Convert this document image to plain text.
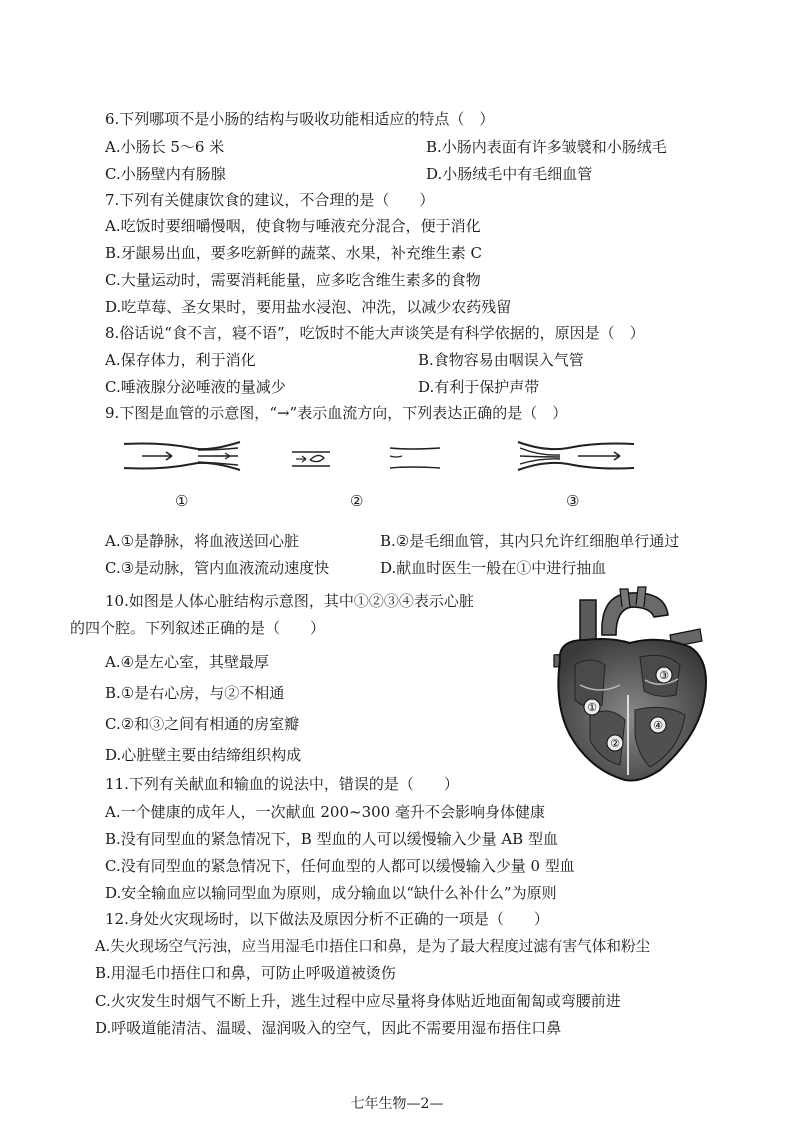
6.下列哪项不是小肠的结构与吸收功能相适应的特点（　）
A.小肠长 5～6 米	B.小肠内表面有许多皱襞和小肠绒毛
C.小肠壁内有肠腺	D.小肠绒毛中有毛细血管
7.下列有关健康饮食的建议，不合理的是（　　）
A.吃饭时要细嚼慢咽，使食物与唾液充分混合，便于消化
B.牙龈易出血，要多吃新鲜的蔬菜、水果，补充维生素 C
C.大量运动时，需要消耗能量，应多吃含维生素多的食物
D.吃草莓、圣女果时，要用盐水浸泡、冲洗，以减少农药残留
8.俗话说“食不言，寝不语”，吃饭时不能大声谈笑是有科学依据的，原因是（　）
A.保存体力，利于消化	B.食物容易由咽误入气管
C.唾液腺分泌唾液的量减少	D.有利于保护声带
9.下图是血管的示意图，“→”表示血流方向，下列表达正确的是（　）
①	②	③
A.①是静脉，将血液送回心脏	B.②是毛细血管，其内只允许红细胞单行通过
C.③是动脉，管内血液流动速度快	D.献血时医生一般在①中进行抽血
10.如图是人体心脏结构示意图，其中①②③④表示心脏
的四个腔。下列叙述正确的是（　　）
A.④是左心室，其壁最厚
B.①是右心房，与②不相通
C.②和③之间有相通的房室瓣
D.心脏壁主要由结缔组织构成
①
②
③
④
11.下列有关献血和输血的说法中，错误的是（　　）
A.一个健康的成年人，一次献血 200~300 毫升不会影响身体健康
B.没有同型血的紧急情况下，B 型血的人可以缓慢输入少量 AB 型血
C.没有同型血的紧急情况下，任何血型的人都可以缓慢输入少量 0 型血
D.安全输血应以输同型血为原则，成分输血以“缺什么补什么”为原则
12.身处火灾现场时，以下做法及原因分析不正确的一项是（　　）
A.失火现场空气污浊，应当用湿毛巾捂住口和鼻，是为了最大程度过滤有害气体和粉尘
B.用湿毛巾捂住口和鼻，可防止呼吸道被烫伤
C.火灾发生时烟气不断上升，逃生过程中应尽量将身体贴近地面匍匐或弯腰前进
D.呼吸道能清洁、温暖、湿润吸入的空气，因此不需要用湿布捂住口鼻
七年生物—2—
